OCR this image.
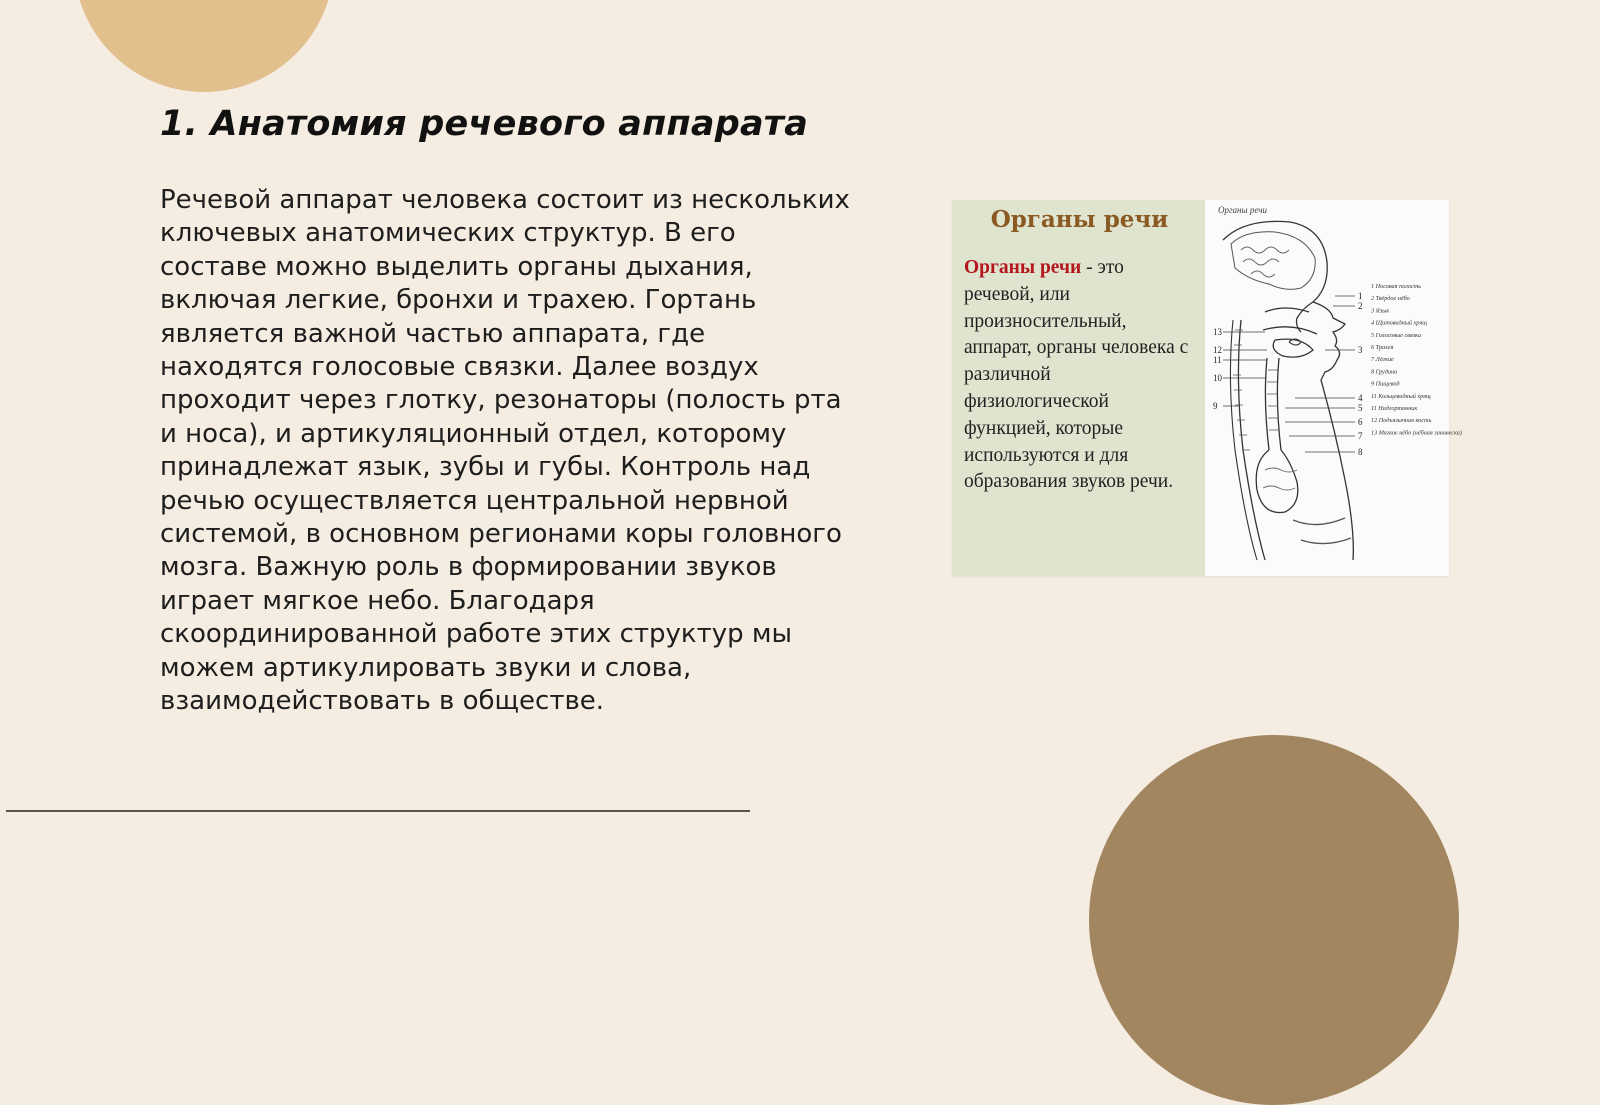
1. Анатомия речевого аппарата

Речевой аппарат человека состоит из нескольких ключевых анатомических структур. В его составе можно выделить органы дыхания, включая легкие, бронхи и трахею. Гортань является важной частью аппарата, где находятся голосовые связки. Далее воздух проходит через глотку, резонаторы (полость рта и носа), и артикуляционный отдел, которому принадлежат язык, зубы и губы. Контроль над речью осуществляется центральной нервной системой, в основном регионами коры головного мозга. Важную роль в формировании звуков играет мягкое небо. Благодаря скоординированной работе этих структур мы можем артикулировать звуки и слова, взаимодействовать в обществе.

Органы речи

Органы речи - это речевой, или произносительный, аппарат, органы человека с различной физиологической функцией, которые используются и для образования звуков речи.

Органы речи
13
12
11
10
9
1
2
3
4
5
6
7
8
1 Носовая полость
2 Твёрдое нёбо
3 Язык
4 Щитовидный хрящ
5 Голосовые связки
6 Трахея
7 Лёгкие
8 Грудина
9 Пищевод
11 Кольцевидный хрящ
11 Надгортанник
12 Подъязычная кость
13 Мягкое нёбо (нёбная занавеска)
